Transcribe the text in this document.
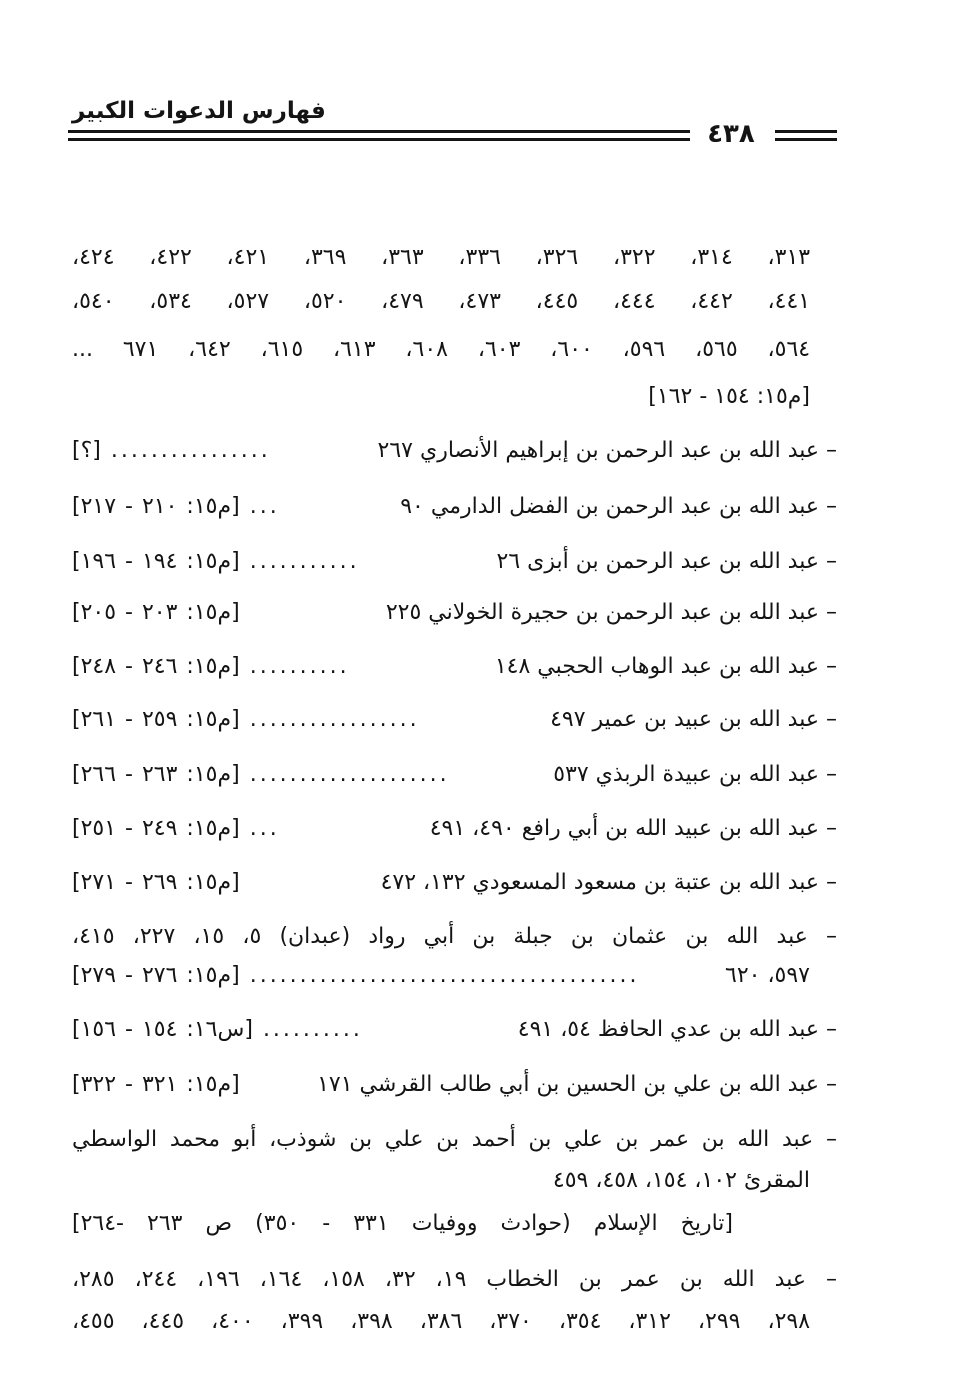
فهارس الدعوات الكبير
٤٣٨
٣١٣، ٣١٤، ٣٢٢، ٣٢٦، ٣٣٦، ٣٦٣، ٣٦٩، ٤٢١، ٤٢٢، ٤٢٤،
٤٤١، ٤٤٢، ٤٤٤، ٤٤٥، ٤٧٣، ٤٧٩، ٥٢٠، ٥٢٧، ٥٣٤، ٥٤٠،
٥٦٤، ٥٦٥، ٥٩٦، ٦٠٠، ٦٠٣، ٦٠٨، ٦١٣، ٦١٥، ٦٤٢، ٦٧١ ...
[م١٥: ١٥٤ - ١٦٢]
– عبد الله بن عبد الرحمن بن إبراهيم الأنصاري ٢٦٧
................
[؟]
– عبد الله بن عبد الرحمن بن الفضل الدارمي ٩٠
...
[م١٥: ٢١٠ - ٢١٧]
– عبد الله بن عبد الرحمن بن أبزى ٢٦
...........
[م١٥: ١٩٤ - ١٩٦]
– عبد الله بن عبد الرحمن بن حجيرة الخولاني ٢٢٥
[م١٥: ٢٠٣ - ٢٠٥]
– عبد الله بن عبد الوهاب الحجبي ١٤٨
..........
[م١٥: ٢٤٦ - ٢٤٨]
– عبد الله بن عبيد بن عمير ٤٩٧
.................
[م١٥: ٢٥٩ - ٢٦١]
– عبد الله بن عبيدة الربذي ٥٣٧
....................
[م١٥: ٢٦٣ - ٢٦٦]
– عبد الله بن عبيد الله بن أبي رافع ٤٩٠، ٤٩١
...
[م١٥: ٢٤٩ - ٢٥١]
– عبد الله بن عتبة بن مسعود المسعودي ١٣٢، ٤٧٢
[م١٥: ٢٦٩ - ٢٧١]
– عبد الله بن عثمان بن جبلة بن أبي رواد (عبدان) ٥، ١٥، ٢٢٧، ٤١٥،
٥٩٧، ٦٢٠
.......................................
[م١٥: ٢٧٦ - ٢٧٩]
– عبد الله بن عدي الحافظ ٥٤، ٤٩١
..........
[س١٦: ١٥٤ - ١٥٦]
– عبد الله بن علي بن الحسين بن أبي طالب القرشي ١٧١
[م١٥: ٣٢١ - ٣٢٢]
– عبد الله بن عمر بن علي بن أحمد بن علي بن شوذب، أبو محمد الواسطي
المقرئ ١٠٢، ١٥٤، ٤٥٨، ٤٥٩
[تاريخ الإسلام (حوادث ووفيات ٣٣١ - ٣٥٠) ص ٢٦٣ -٢٦٤]
– عبد الله بن عمر بن الخطاب ١٩، ٣٢، ١٥٨، ١٦٤، ١٩٦، ٢٤٤، ٢٨٥،
٢٩٨، ٢٩٩، ٣١٢، ٣٥٤، ٣٧٠، ٣٨٦، ٣٩٨، ٣٩٩، ٤٠٠، ٤٤٥، ٤٥٥،
